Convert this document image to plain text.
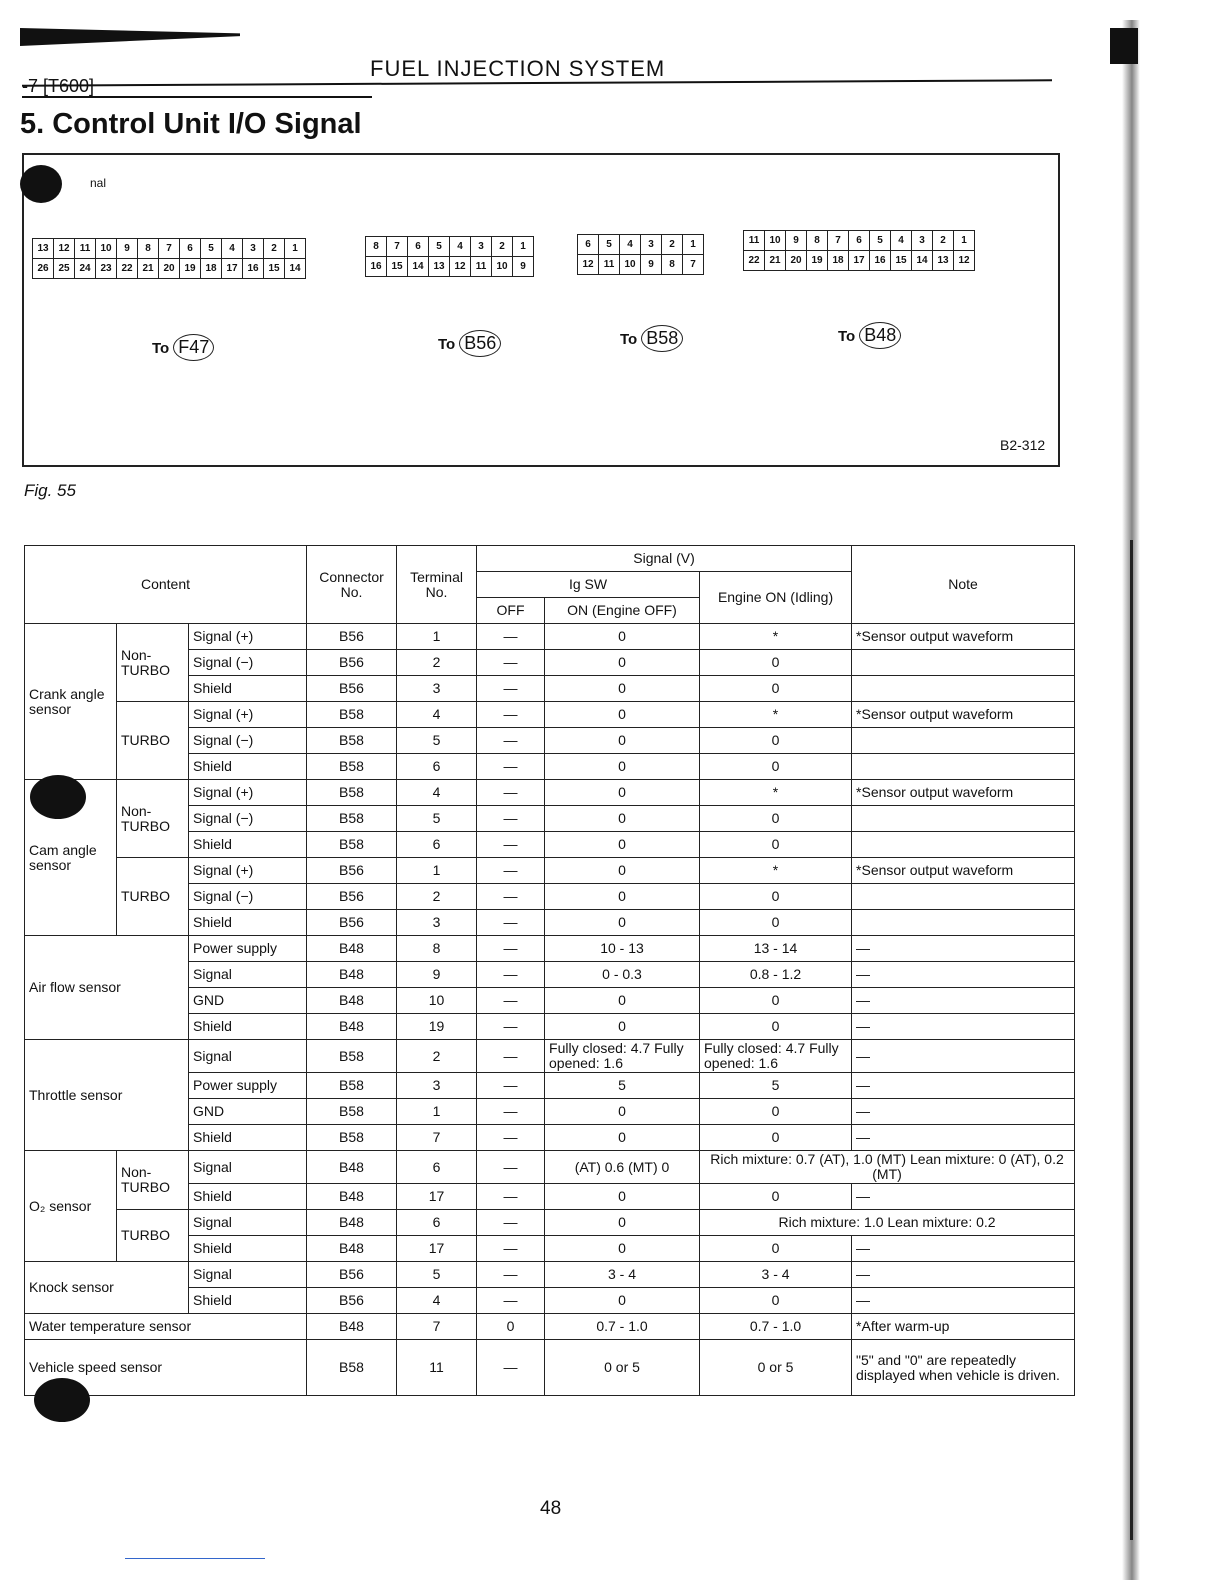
-7 [T600]
FUEL INJECTION SYSTEM
5. Control Unit I/O Signal
nal
13	12	11	10	9	8	7	6	5	4	3	2	1
26	25	24	23	22	21	20	19	18	17	16	15	14
8	7	6	5	4	3	2	1
16	15	14	13	12	11	10	9
6	5	4	3	2	1
12	11	10	9	8	7
11	10	9	8	7	6	5	4	3	2	1
22	21	20	19	18	17	16	15	14	13	12
To F47	To B56	To B58	To B48
B2-312
Fig. 55
Content			Connector No.	Terminal No.	Signal (V)			Note
					Ig SW		Engine ON (Idling)	
					OFF	ON (Engine OFF)		
Crank angle sensor	Non-TURBO	Signal (+)	B56	1	—	0	*	*Sensor output waveform
		Signal (−)	B56	2	—	0	0	
		Shield	B56	3	—	0	0	
	TURBO	Signal (+)	B58	4	—	0	*	*Sensor output waveform
		Signal (−)	B58	5	—	0	0	
		Shield	B58	6	—	0	0	
Cam angle sensor	Non-TURBO	Signal (+)	B58	4	—	0	*	*Sensor output waveform
		Signal (−)	B58	5	—	0	0	
		Shield	B58	6	—	0	0	
	TURBO	Signal (+)	B56	1	—	0	*	*Sensor output waveform
		Signal (−)	B56	2	—	0	0	
		Shield	B56	3	—	0	0	
Air flow sensor		Power supply	B48	8	—	10 - 13	13 - 14	—
		Signal	B48	9	—	0 - 0.3	0.8 - 1.2	—
		GND	B48	10	—	0	0	—
		Shield	B48	19	—	0	0	—
Throttle sensor		Signal	B58	2	—	Fully closed: 4.7 Fully opened: 1.6	Fully closed: 4.7 Fully opened: 1.6	—
		Power supply	B58	3	—	5	5	—
		GND	B58	1	—	0	0	—
		Shield	B58	7	—	0	0	—
O₂ sensor	Non-TURBO	Signal	B48	6	—	(AT) 0.6 (MT) 0	Rich mixture: 0.7 (AT), 1.0 (MT) Lean mixture: 0 (AT), 0.2 (MT)	
		Shield	B48	17	—	0	0	—
	TURBO	Signal	B48	6	—	0	Rich mixture: 1.0 Lean mixture: 0.2	
		Shield	B48	17	—	0	0	—
Knock sensor		Signal	B56	5	—	3 - 4	3 - 4	—
		Shield	B56	4	—	0	0	—
Water temperature sensor			B48	7	0	0.7 - 1.0	0.7 - 1.0	*After warm-up
Vehicle speed sensor			B58	11	—	0 or 5	0 or 5	"5" and "0" are repeatedly displayed when vehicle is driven.
48
